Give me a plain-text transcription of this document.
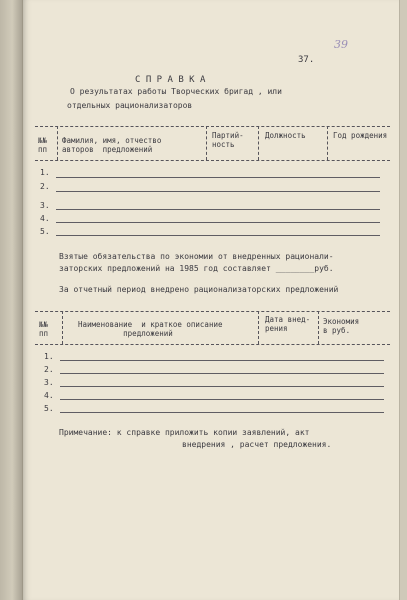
37.
39
С П Р А В К А
О результатах работы Творческих бригад , или
отдельных рационализаторов
№№
пп
Фамилия, имя, отчество
авторов  предложений
Партий-
ность
Должность	Год рождения
1.
2.
3.
4.
5.
Взятые обязательства по экономии от внедренных рационали-
заторских предложений на 1985 год составляет ________руб.
За отчетный период внедрено рационализаторских предложений
№№
пп
Наименование  и краткое описание
предложений
Дата внед-
рения
Экономия
в руб.
1.
2.
3.
4.
5.
Примечание: к справке приложить копии заявлений, акт
внедрения , расчет предложения.
